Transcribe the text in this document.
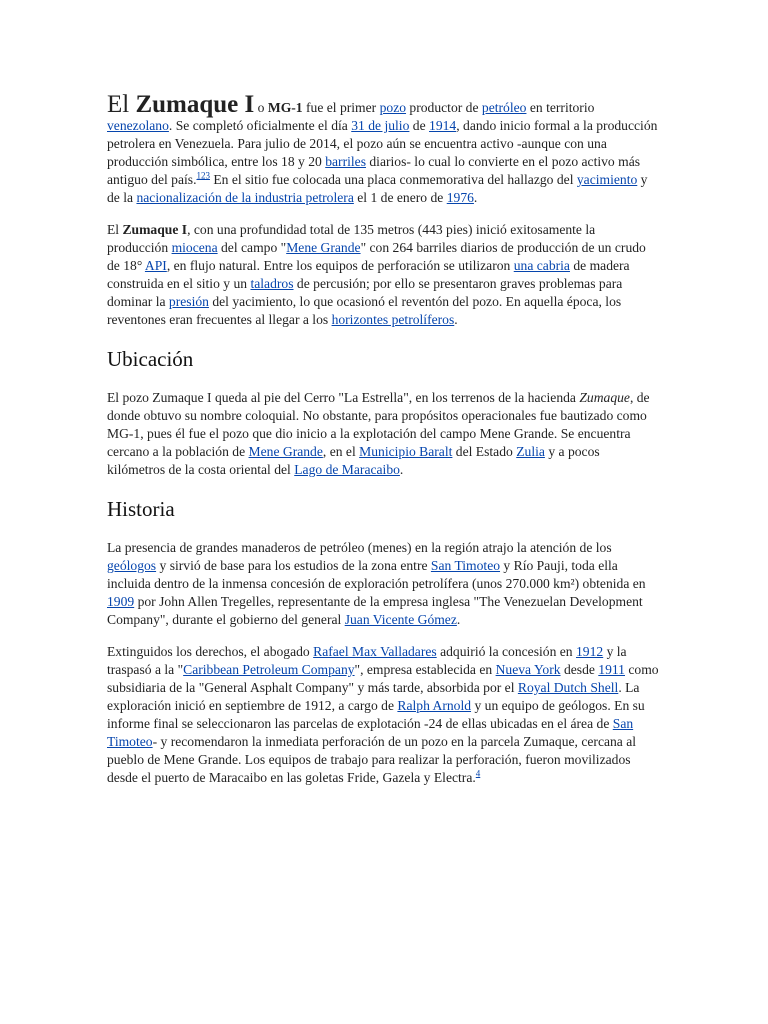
El Zumaque I o MG-1 fue el primer pozo productor de petróleo en territorio venezolano. Se completó oficialmente el día 31 de julio de 1914, dando inicio formal a la producción petrolera en Venezuela. Para julio de 2014, el pozo aún se encuentra activo -aunque con una producción simbólica, entre los 18 y 20 barriles diarios- lo cual lo convierte en el pozo activo más antiguo del país.$^{123}$ En el sitio fue colocada una placa conmemorativa del hallazgo del yacimiento y de la nacionalización de la industria petrolera el 1 de enero de 1976.

El Zumaque I, con una profundidad total de 135 metros (443 pies) inició exitosamente la producción miocena del campo "Mene Grande" con 264 barriles diarios de producción de un crudo de 18° API, en flujo natural. Entre los equipos de perforación se utilizaron una cabria de madera construida en el sitio y un taladros de percusión; por ello se presentaron graves problemas para dominar la presión del yacimiento, lo que ocasionó el reventón del pozo. En aquella época, los reventones eran frecuentes al llegar a los horizontes petrolíferos.

Ubicación

El pozo Zumaque I queda al pie del Cerro "La Estrella", en los terrenos de la hacienda Zumaque, de donde obtuvo su nombre coloquial. No obstante, para propósitos operacionales fue bautizado como MG-1, pues él fue el pozo que dio inicio a la explotación del campo Mene Grande. Se encuentra cercano a la población de Mene Grande, en el Municipio Baralt del Estado Zulia y a pocos kilómetros de la costa oriental del Lago de Maracaibo.

Historia

La presencia de grandes manaderos de petróleo (menes) en la región atrajo la atención de los geólogos y sirvió de base para los estudios de la zona entre San Timoteo y Río Pauji, toda ella incluida dentro de la inmensa concesión de exploración petrolífera (unos 270.000 km²) obtenida en 1909 por John Allen Tregelles, representante de la empresa inglesa "The Venezuelan Development Company", durante el gobierno del general Juan Vicente Gómez.

Extinguidos los derechos, el abogado Rafael Max Valladares adquirió la concesión en 1912 y la traspasó a la "Caribbean Petroleum Company", empresa establecida en Nueva York desde 1911 como subsidiaria de la "General Asphalt Company" y más tarde, absorbida por el Royal Dutch Shell. La exploración inició en septiembre de 1912, a cargo de Ralph Arnold y un equipo de geólogos. En su informe final se seleccionaron las parcelas de explotación -24 de ellas ubicadas en el área de San Timoteo- y recomendaron la inmediata perforación de un pozo en la parcela Zumaque, cercana al pueblo de Mene Grande. Los equipos de trabajo para realizar la perforación, fueron movilizados desde el puerto de Maracaibo en las goletas Fride, Gazela y Electra.$^4$
